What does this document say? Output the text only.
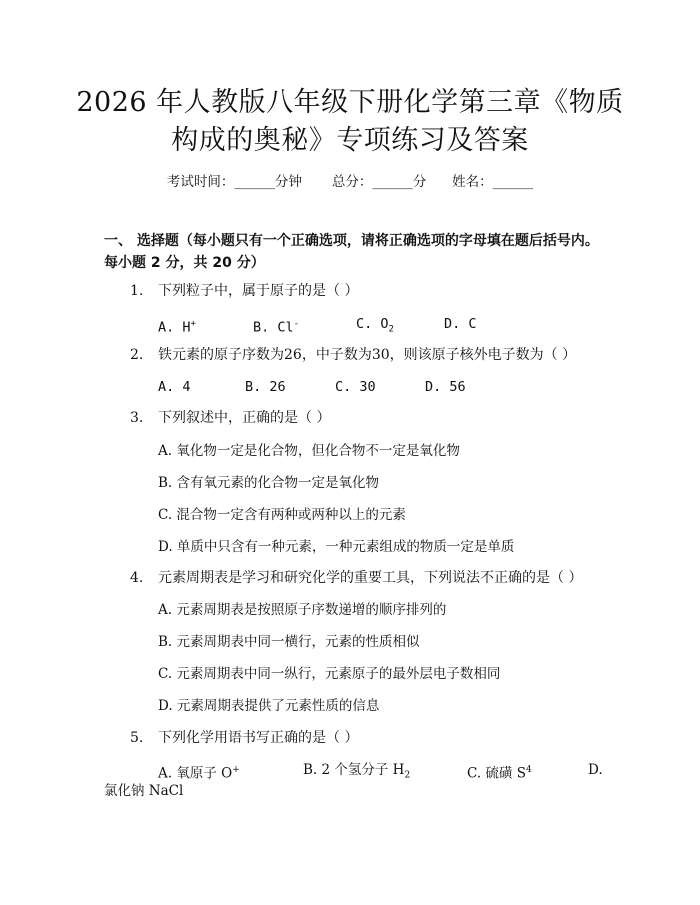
2026 年人教版八年级下册化学第三章《物质
构成的奥秘》专项练习及答案
考试时间：______分钟 总分：______分 姓名：______
一、 选择题（每小题只有一个正确选项，请将正确选项的字母填在题后括号内。
每小题 2 分，共 20 分）
1. 下列粒子中，属于原子的是（ ）
A. H+	B. Cl-	C. $O_2$	D. C
2. 铁元素的原子序数为26，中子数为30，则该原子核外电子数为（ ）
A. 4	B. 26	C. 30	D. 56
3. 下列叙述中，正确的是（ ）
A. 氧化物一定是化合物，但化合物不一定是氧化物
B. 含有氧元素的化合物一定是氧化物
C. 混合物一定含有两种或两种以上的元素
D. 单质中只含有一种元素，一种元素组成的物质一定是单质
4. 元素周期表是学习和研究化学的重要工具，下列说法不正确的是（ ）
A. 元素周期表是按照原子序数递增的顺序排列的
B. 元素周期表中同一横行，元素的性质相似
C. 元素周期表中同一纵行，元素原子的最外层电子数相同
D. 元素周期表提供了元素性质的信息
5. 下列化学用语书写正确的是（ ）
A. 氧原子 O+	B. 2 个氢分子 $H_2$	C. 硫磺 $S^4$	D.
氯化钠 NaCl
